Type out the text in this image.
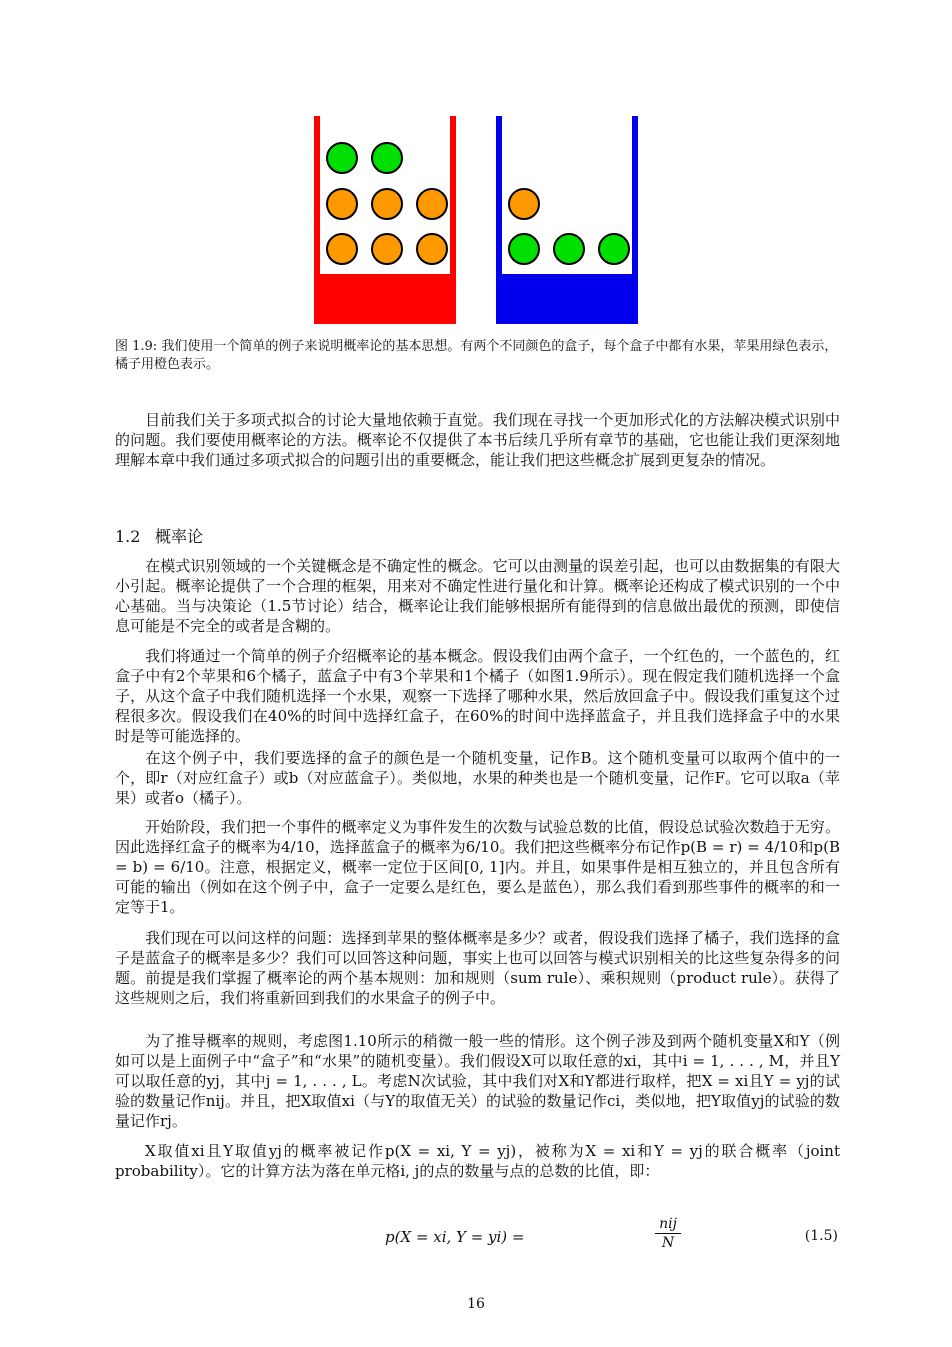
图 1.9: 我们使用一个简单的例子来说明概率论的基本思想。有两个不同颜色的盒子，每个盒子中都有水果，苹果用绿色表示，橘子用橙色表示。

目前我们关于多项式拟合的讨论大量地依赖于直觉。我们现在寻找一个更加形式化的方法解决模式识别中的问题。我们要使用概率论的方法。概率论不仅提供了本书后续几乎所有章节的基础，它也能让我们更深刻地理解本章中我们通过多项式拟合的问题引出的重要概念，能让我们把这些概念扩展到更复杂的情况。

1.2 概率论

在模式识别领域的一个关键概念是不确定性的概念。它可以由测量的误差引起，也可以由数据集的有限大小引起。概率论提供了一个合理的框架，用来对不确定性进行量化和计算。概率论还构成了模式识别的一个中心基础。当与决策论（1.5节讨论）结合，概率论让我们能够根据所有能得到的信息做出最优的预测，即使信息可能是不完全的或者是含糊的。

我们将通过一个简单的例子介绍概率论的基本概念。假设我们由两个盒子，一个红色的，一个蓝色的，红盒子中有2个苹果和6个橘子，蓝盒子中有3个苹果和1个橘子（如图1.9所示）。现在假定我们随机选择一个盒子，从这个盒子中我们随机选择一个水果，观察一下选择了哪种水果，然后放回盒子中。假设我们重复这个过程很多次。假设我们在40%的时间中选择红盒子，在60%的时间中选择蓝盒子，并且我们选择盒子中的水果时是等可能选择的。

在这个例子中，我们要选择的盒子的颜色是一个随机变量，记作B。这个随机变量可以取两个值中的一个，即r（对应红盒子）或b（对应蓝盒子）。类似地，水果的种类也是一个随机变量，记作F。它可以取a（苹果）或者o（橘子）。

开始阶段，我们把一个事件的概率定义为事件发生的次数与试验总数的比值，假设总试验次数趋于无穷。因此选择红盒子的概率为4/10，选择蓝盒子的概率为6/10。我们把这些概率分布记作p(B = r) = 4/10和p(B = b) = 6/10。注意，根据定义，概率一定位于区间[0, 1]内。并且，如果事件是相互独立的，并且包含所有可能的输出（例如在这个例子中，盒子一定要么是红色，要么是蓝色），那么我们看到那些事件的概率的和一定等于1。

我们现在可以问这样的问题：选择到苹果的整体概率是多少？或者，假设我们选择了橘子，我们选择的盒子是蓝盒子的概率是多少？我们可以回答这种问题，事实上也可以回答与模式识别相关的比这些复杂得多的问题。前提是我们掌握了概率论的两个基本规则：加和规则（sum rule）、乘积规则（product rule）。获得了这些规则之后，我们将重新回到我们的水果盒子的例子中。

为了推导概率的规则，考虑图1.10所示的稍微一般一些的情形。这个例子涉及到两个随机变量X和Y（例如可以是上面例子中“盒子”和“水果”的随机变量）。我们假设X可以取任意的xi，其中i = 1, . . . , M，并且Y可以取任意的yj，其中j = 1, . . . , L。考虑N次试验，其中我们对X和Y都进行取样，把X = xi且Y = yj的试验的数量记作nij。并且，把X取值xi（与Y的取值无关）的试验的数量记作ci，类似地，把Y取值yj的试验的数量记作rj。

X取值xi且Y取值yj的概率被记作p(X = xi, Y = yj)，被称为X = xi和Y = yj的联合概率（joint probability）。它的计算方法为落在单元格i, j的点的数量与点的总数的比值，即：

p(X = xi, Y = yi) =
nij
N	(1.5)
16
